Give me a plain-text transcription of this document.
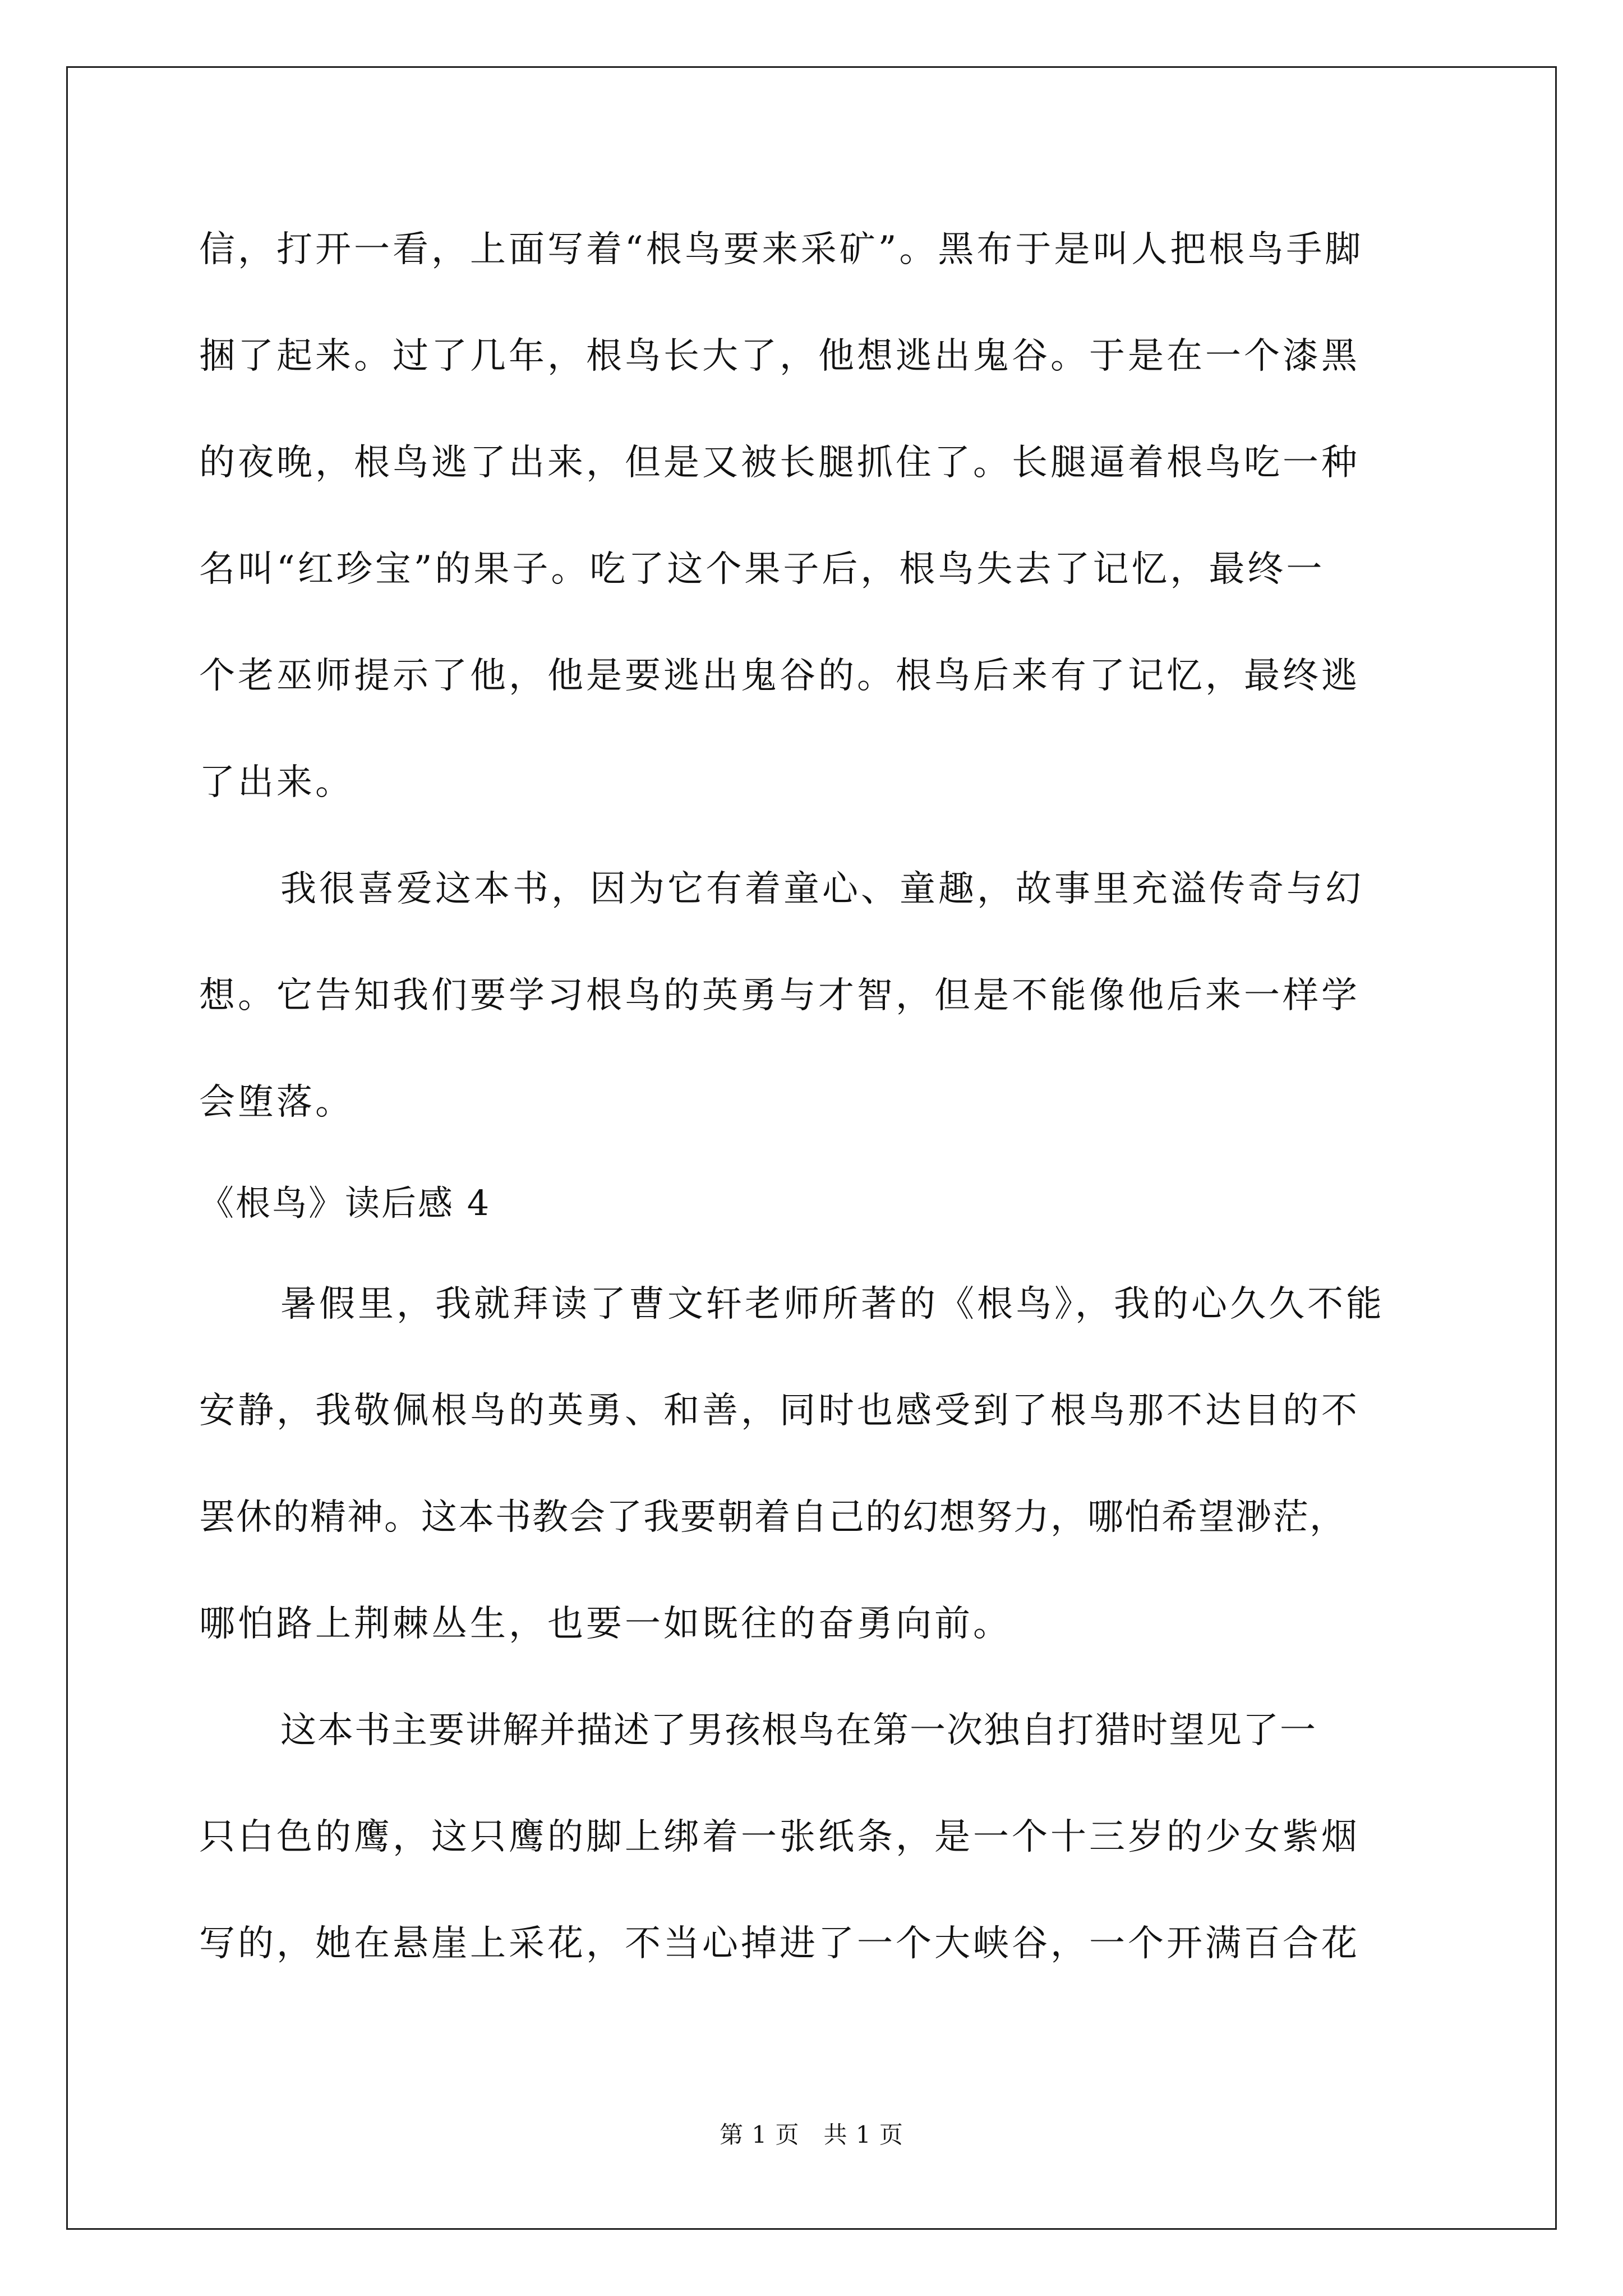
信，打开一看，上面写着“根鸟要来采矿”。黑布于是叫人把根鸟手脚
捆了起来。过了几年，根鸟长大了，他想逃出鬼谷。于是在一个漆黑
的夜晚，根鸟逃了出来，但是又被长腿抓住了。长腿逼着根鸟吃一种
名叫“红珍宝”的果子。吃了这个果子后，根鸟失去了记忆，最终一
个老巫师提示了他，他是要逃出鬼谷的。根鸟后来有了记忆，最终逃
了出来。
我很喜爱这本书，因为它有着童心、童趣，故事里充溢传奇与幻
想。它告知我们要学习根鸟的英勇与才智，但是不能像他后来一样学
会堕落。
《根鸟》读后感 4
暑假里，我就拜读了曹文轩老师所著的《根鸟》，我的心久久不能
安静，我敬佩根鸟的英勇、和善，同时也感受到了根鸟那不达目的不
罢休的精神。这本书教会了我要朝着自己的幻想努力，哪怕希望渺茫，
哪怕路上荆棘丛生，也要一如既往的奋勇向前。
这本书主要讲解并描述了男孩根鸟在第一次独自打猎时望见了一
只白色的鹰，这只鹰的脚上绑着一张纸条，是一个十三岁的少女紫烟
写的，她在悬崖上采花，不当心掉进了一个大峡谷，一个开满百合花
第 1 页　共 1 页
